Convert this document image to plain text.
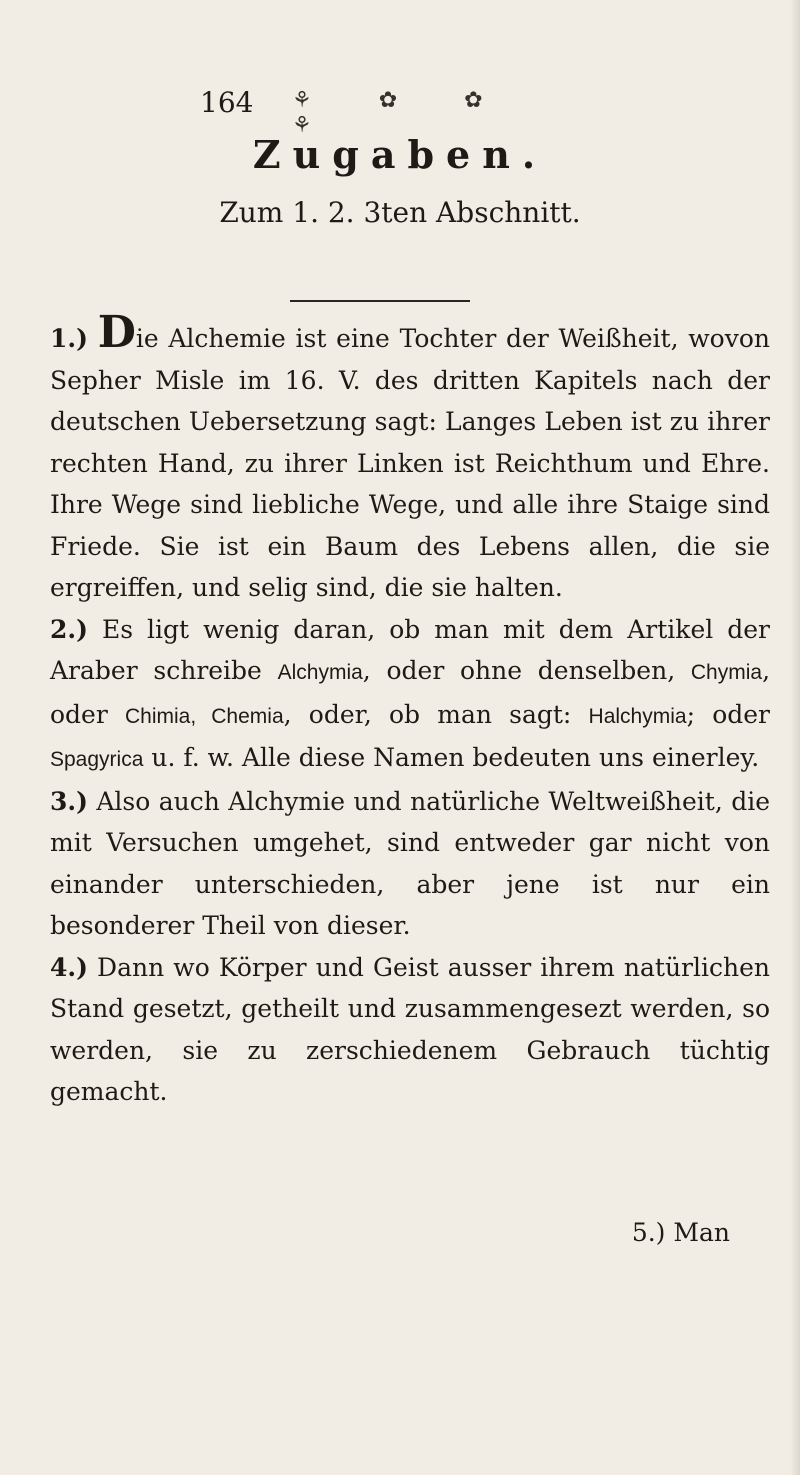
164 ⚘ ✿ ✿ ⚘
Zugaben.
Zum 1. 2. 3ten Abschnitt.

1.) Die Alchemie ist eine Tochter der Weißheit, wovon Sepher Misle im 16. V. des dritten Kapitels nach der deutschen Uebersetzung sagt: Langes Leben ist zu ihrer rechten Hand, zu ihrer Linken ist Reichthum und Ehre. Ihre Wege sind liebliche Wege, und alle ihre Staige sind Friede. Sie ist ein Baum des Lebens allen, die sie ergreiffen, und selig sind, die sie halten.

2.) Es ligt wenig daran, ob man mit dem Artikel der Araber schreibe Alchymia, oder ohne denselben, Chymia, oder Chimia, Chemia, oder, ob man sagt: Halchymia; oder Spagyrica u. f. w. Alle diese Namen bedeuten uns einerley.

3.) Also auch Alchymie und natürliche Weltweißheit, die mit Versuchen umgehet, sind entweder gar nicht von einander unterschieden, aber jene ist nur ein besonderer Theil von dieser.

4.) Dann wo Körper und Geist ausser ihrem natürlichen Stand gesetzt, getheilt und zusammengesezt werden, so werden, sie zu zerschiedenem Gebrauch tüchtig gemacht.

5.) Man
